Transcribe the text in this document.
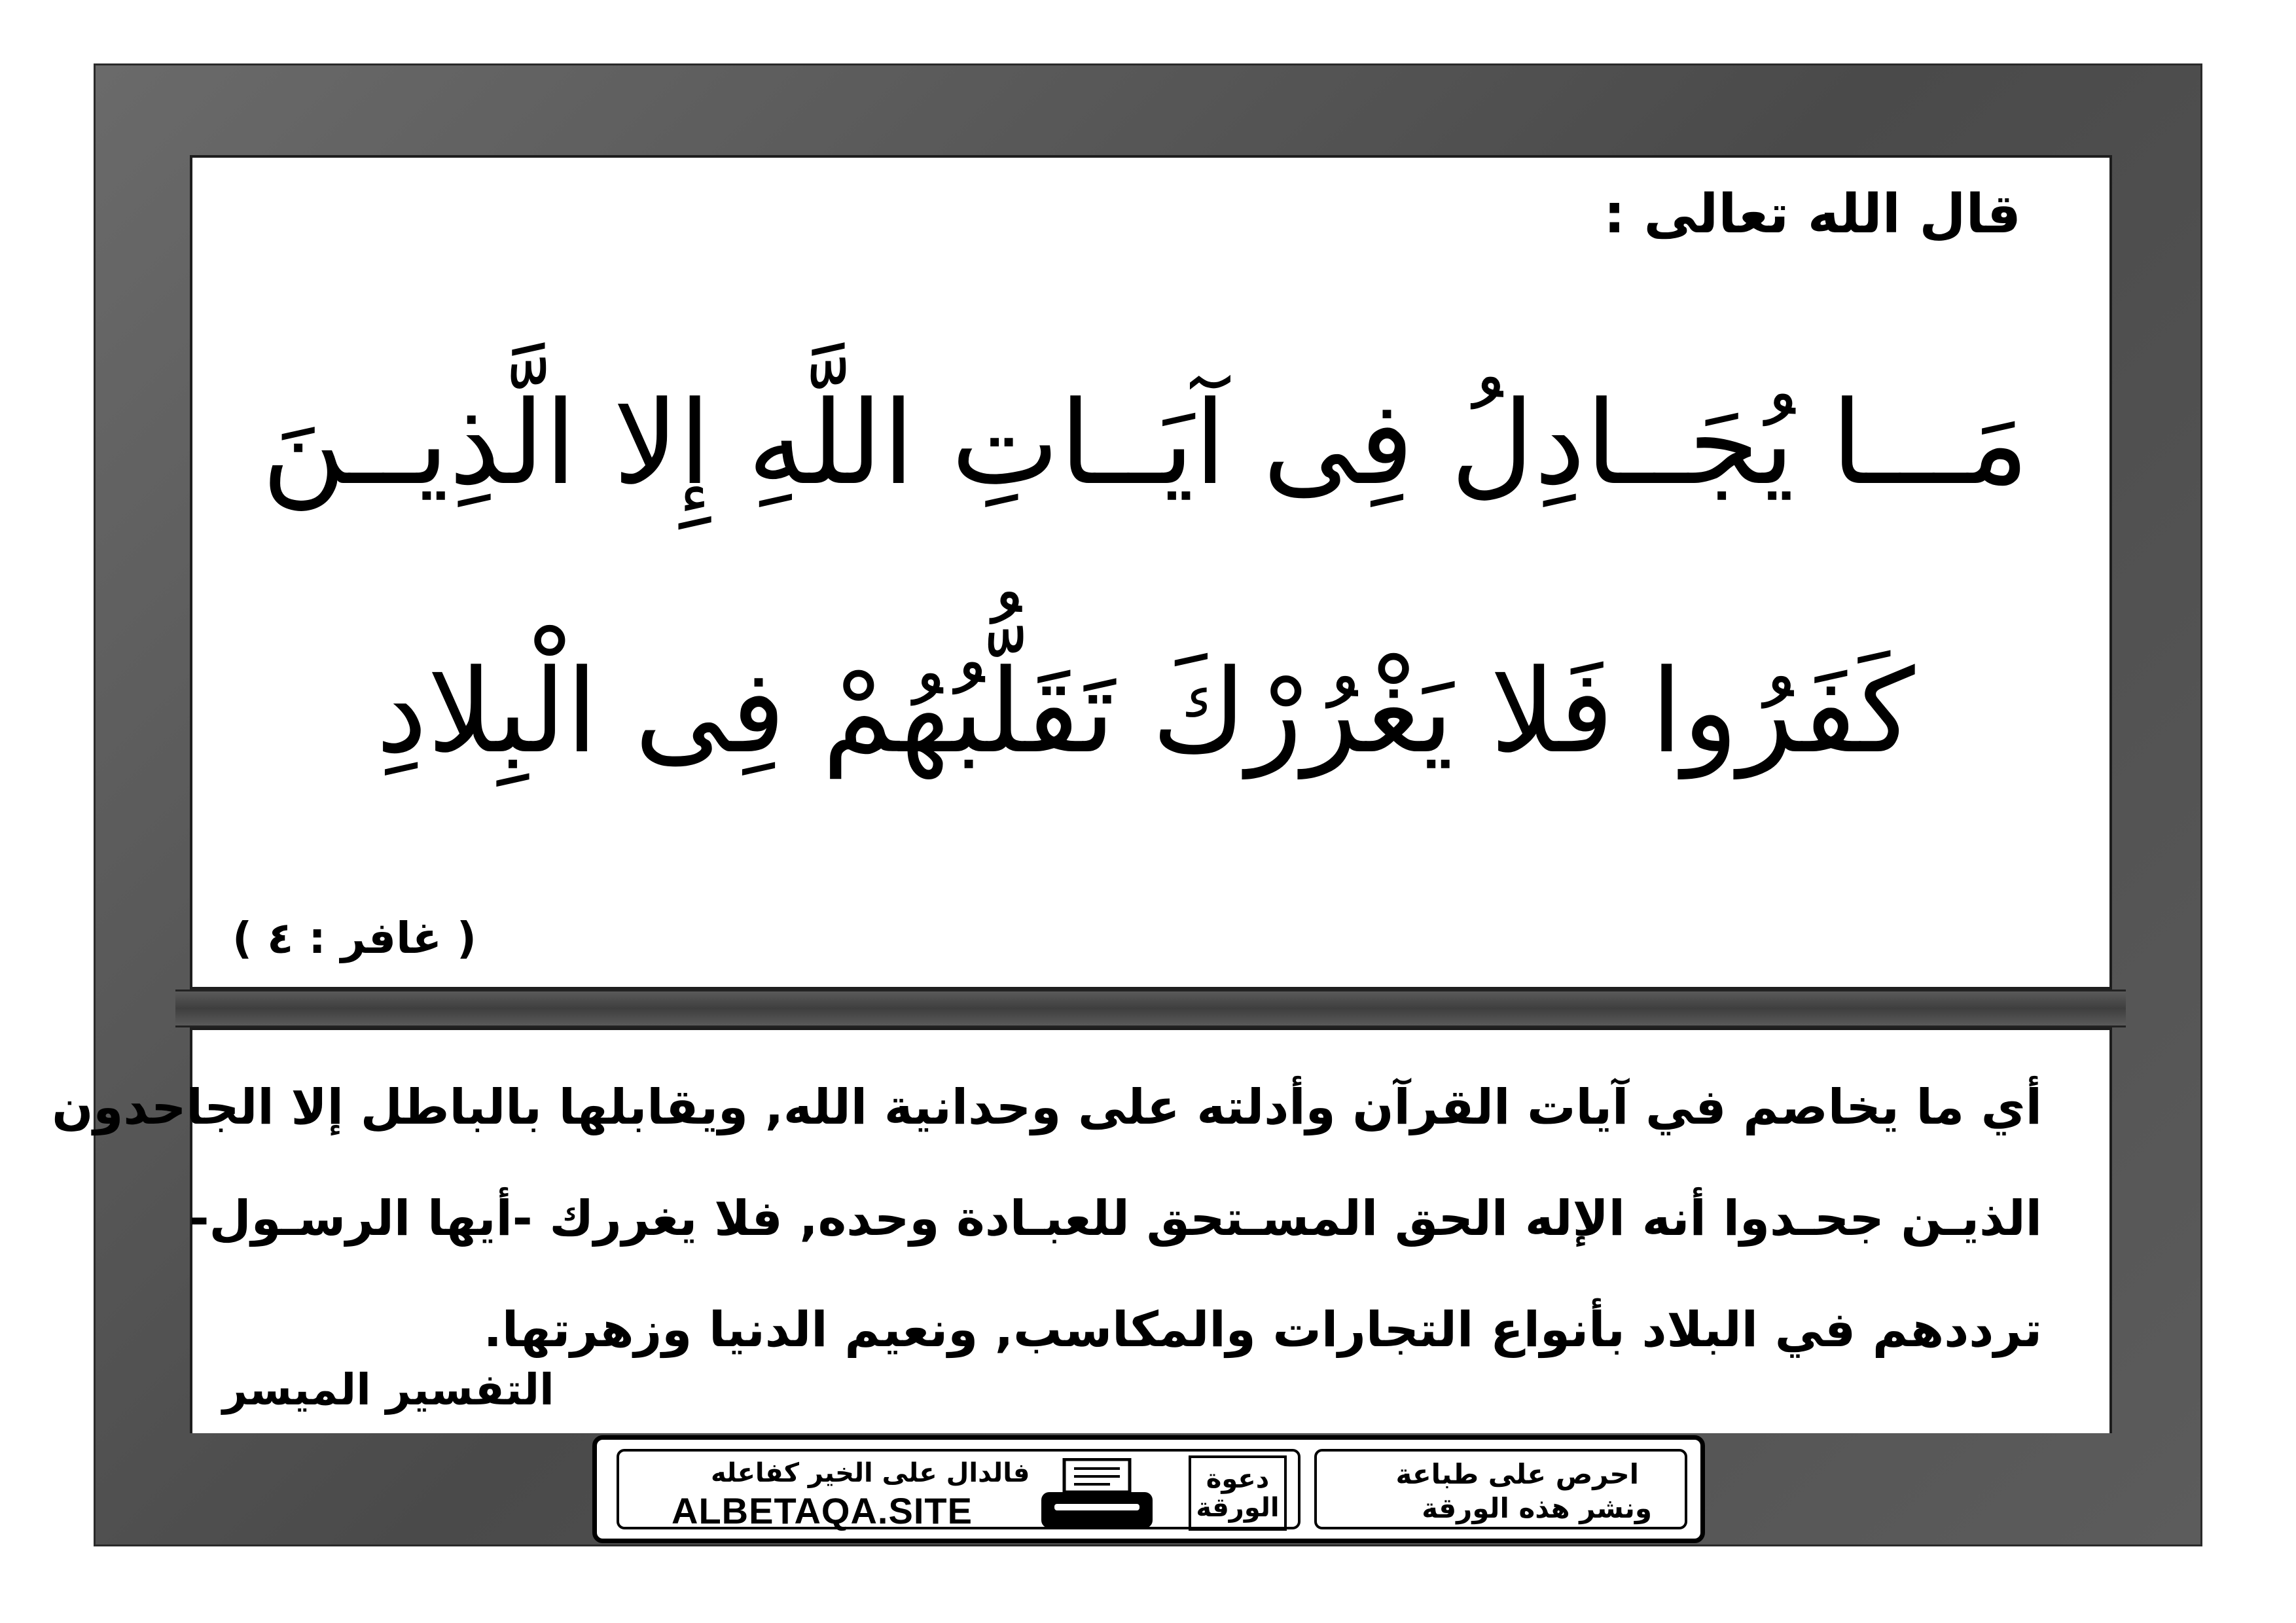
قال الله تعالى :
مَـــا يُجَــادِلُ فِى آيَــاتِ اللَّهِ إِلا الَّذِيــنَ
كَفَرُوا فَلا يَغْرُرْكَ تَقَلُّبُهُمْ فِى الْبِلادِ
( غافر : ٤ )
أي ما يخاصم في آيات القرآن وأدلته على وحدانية الله, ويقابلها بالباطل إلا الجاحدون
الذيـن جحـدوا أنه الإله الحق المسـتحق للعبـادة وحده, فلا يغررك -أيها الرسـول-
ترددهم في البلاد بأنواع التجارات والمكاسب, ونعيم الدنيا وزهرتها.
التفسير الميسر
فالدال على الخير كفاعله
ALBETAQA.SITE
دعوة الورقة
احرص على طباعة
ونشر هذه الورقة
